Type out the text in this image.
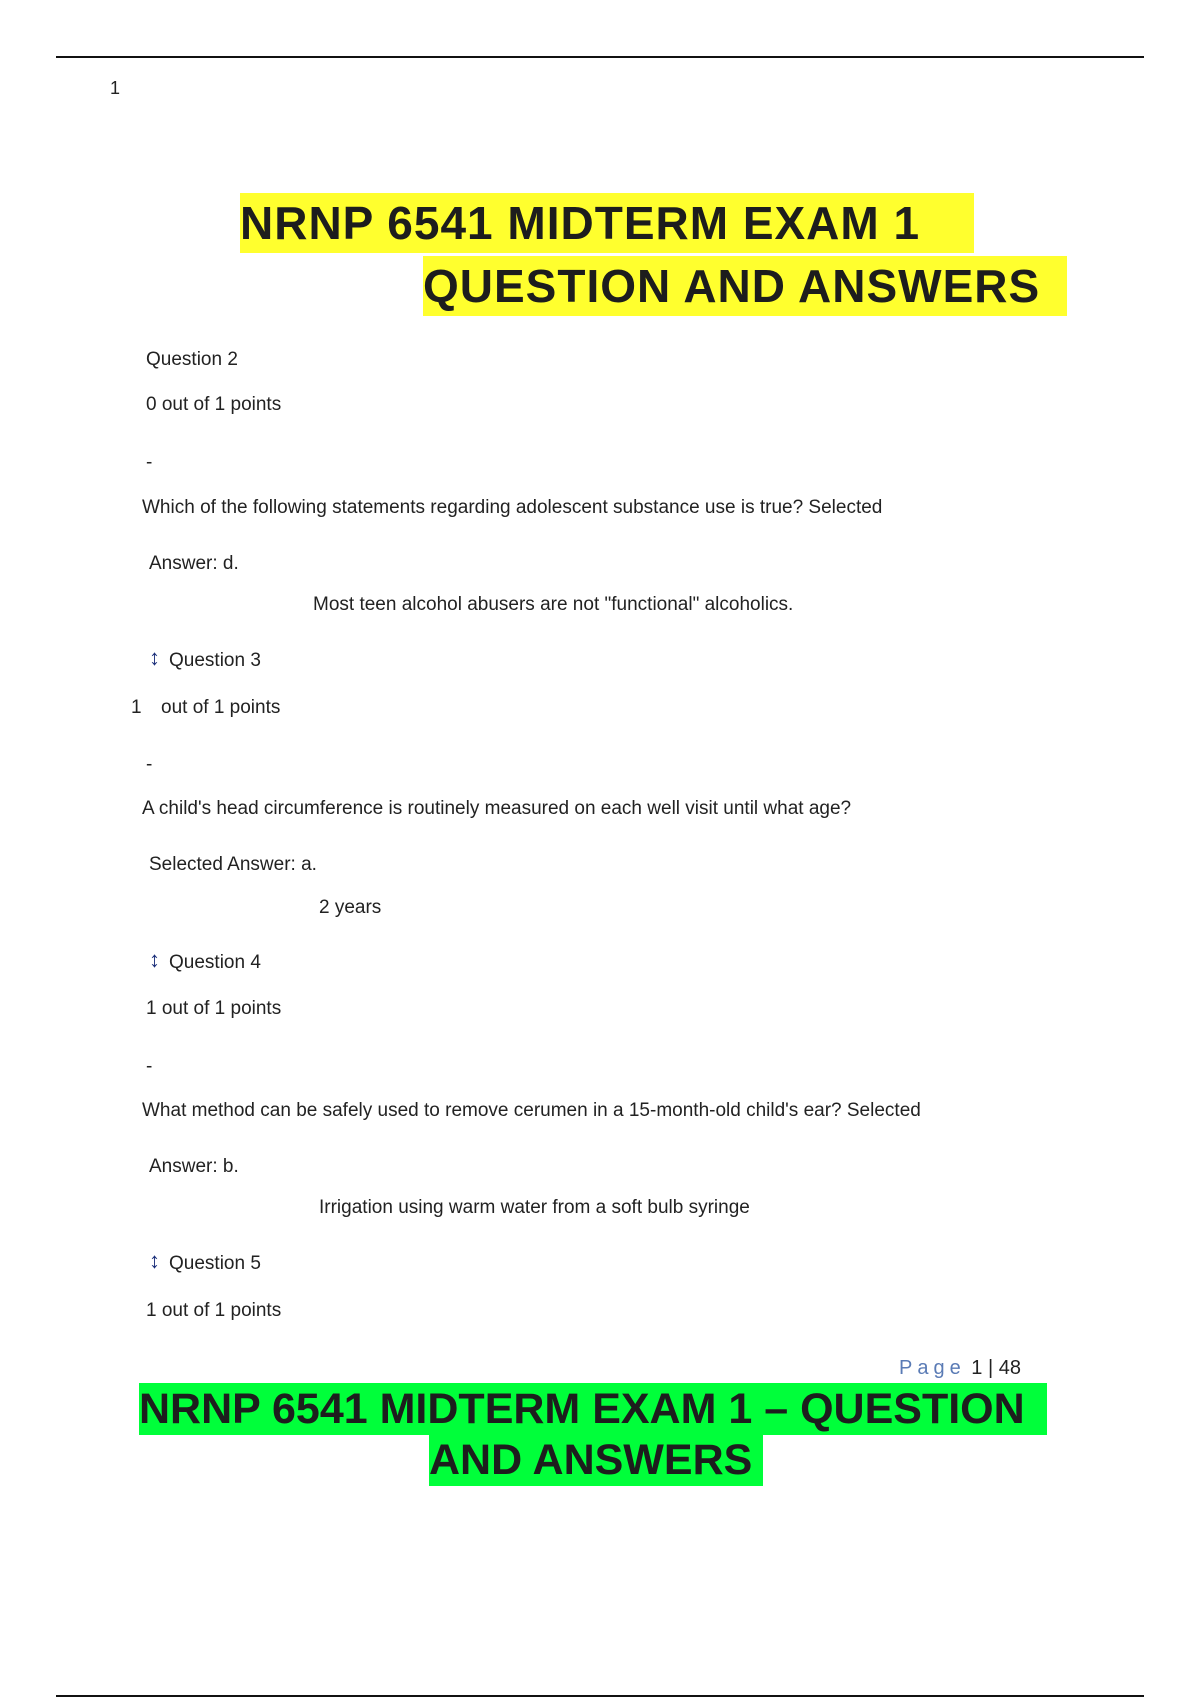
1
NRNP 6541 MIDTERM EXAM 1
QUESTION AND ANSWERS
Question 2
0 out of 1 points
-
Which of the following statements regarding adolescent substance use is true? Selected
Answer: d.
Most teen alcohol abusers are not "functional" alcoholics.
↕ Question 3
1 out of 1 points
-
A child's head circumference is routinely measured on each well visit until what age?
Selected Answer: a.
2 years
↕ Question 4
1 out of 1 points
-
What method can be safely used to remove cerumen in a 15-month-old child's ear? Selected
Answer: b.
Irrigation using warm water from a soft bulb syringe
↕ Question 5
1 out of 1 points
Page 1 | 48
NRNP 6541 MIDTERM EXAM 1 – QUESTION
AND ANSWERS
